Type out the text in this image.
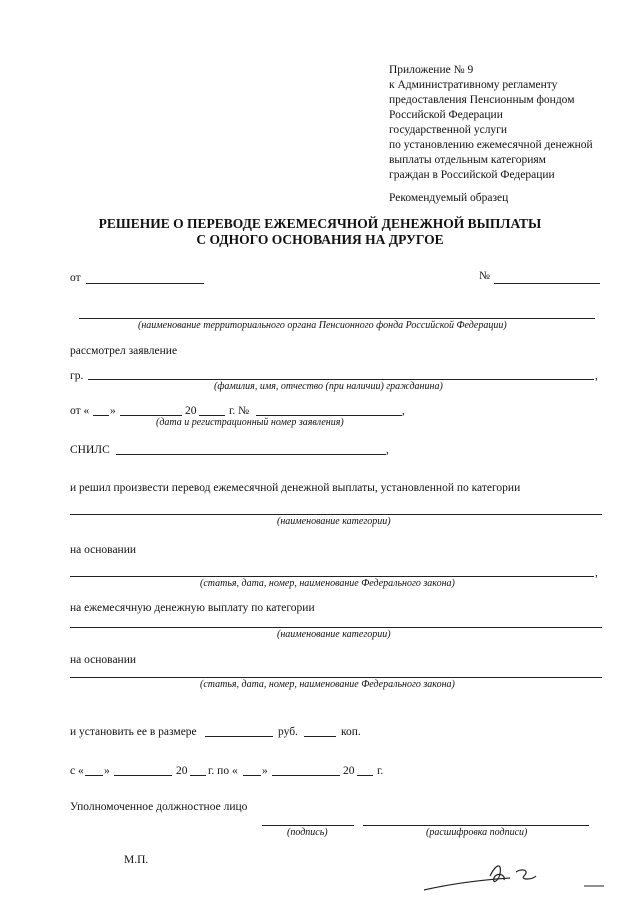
Приложение № 9
к Административному регламенту
предоставления Пенсионным фондом
Российской Федерации
государственной услуги
по установлению ежемесячной денежной
выплаты отдельным категориям
граждан в Российской Федерации
Рекомендуемый образец
РЕШЕНИЕ О ПЕРЕВОДЕ ЕЖЕМЕСЯЧНОЙ ДЕНЕЖНОЙ ВЫПЛАТЫ
С ОДНОГО ОСНОВАНИЯ НА ДРУГОЕ
от	№
(наименование территориального органа Пенсионного фонда Российской Федерации)
рассмотрел заявление
гр.	,
(фамилия, имя, отчество (при наличии) гражданина)
от « »	20	г. №	,
(дата и регистрационный номер заявления)
СНИЛС	,
и решил произвести перевод ежемесячной денежной выплаты, установленной по категории
(наименование категории)
на основании
,
(статья, дата, номер, наименование Федерального закона)
на ежемесячную денежную выплату по категории
(наименование категории)
на основании
(статья, дата, номер, наименование Федерального закона)
и установить ее в размере	руб.	коп.
с « »	20 г. по « »	20 г.
Уполномоченное должностное лицо
(подпись)	(расшифровка подписи)
М.П.
